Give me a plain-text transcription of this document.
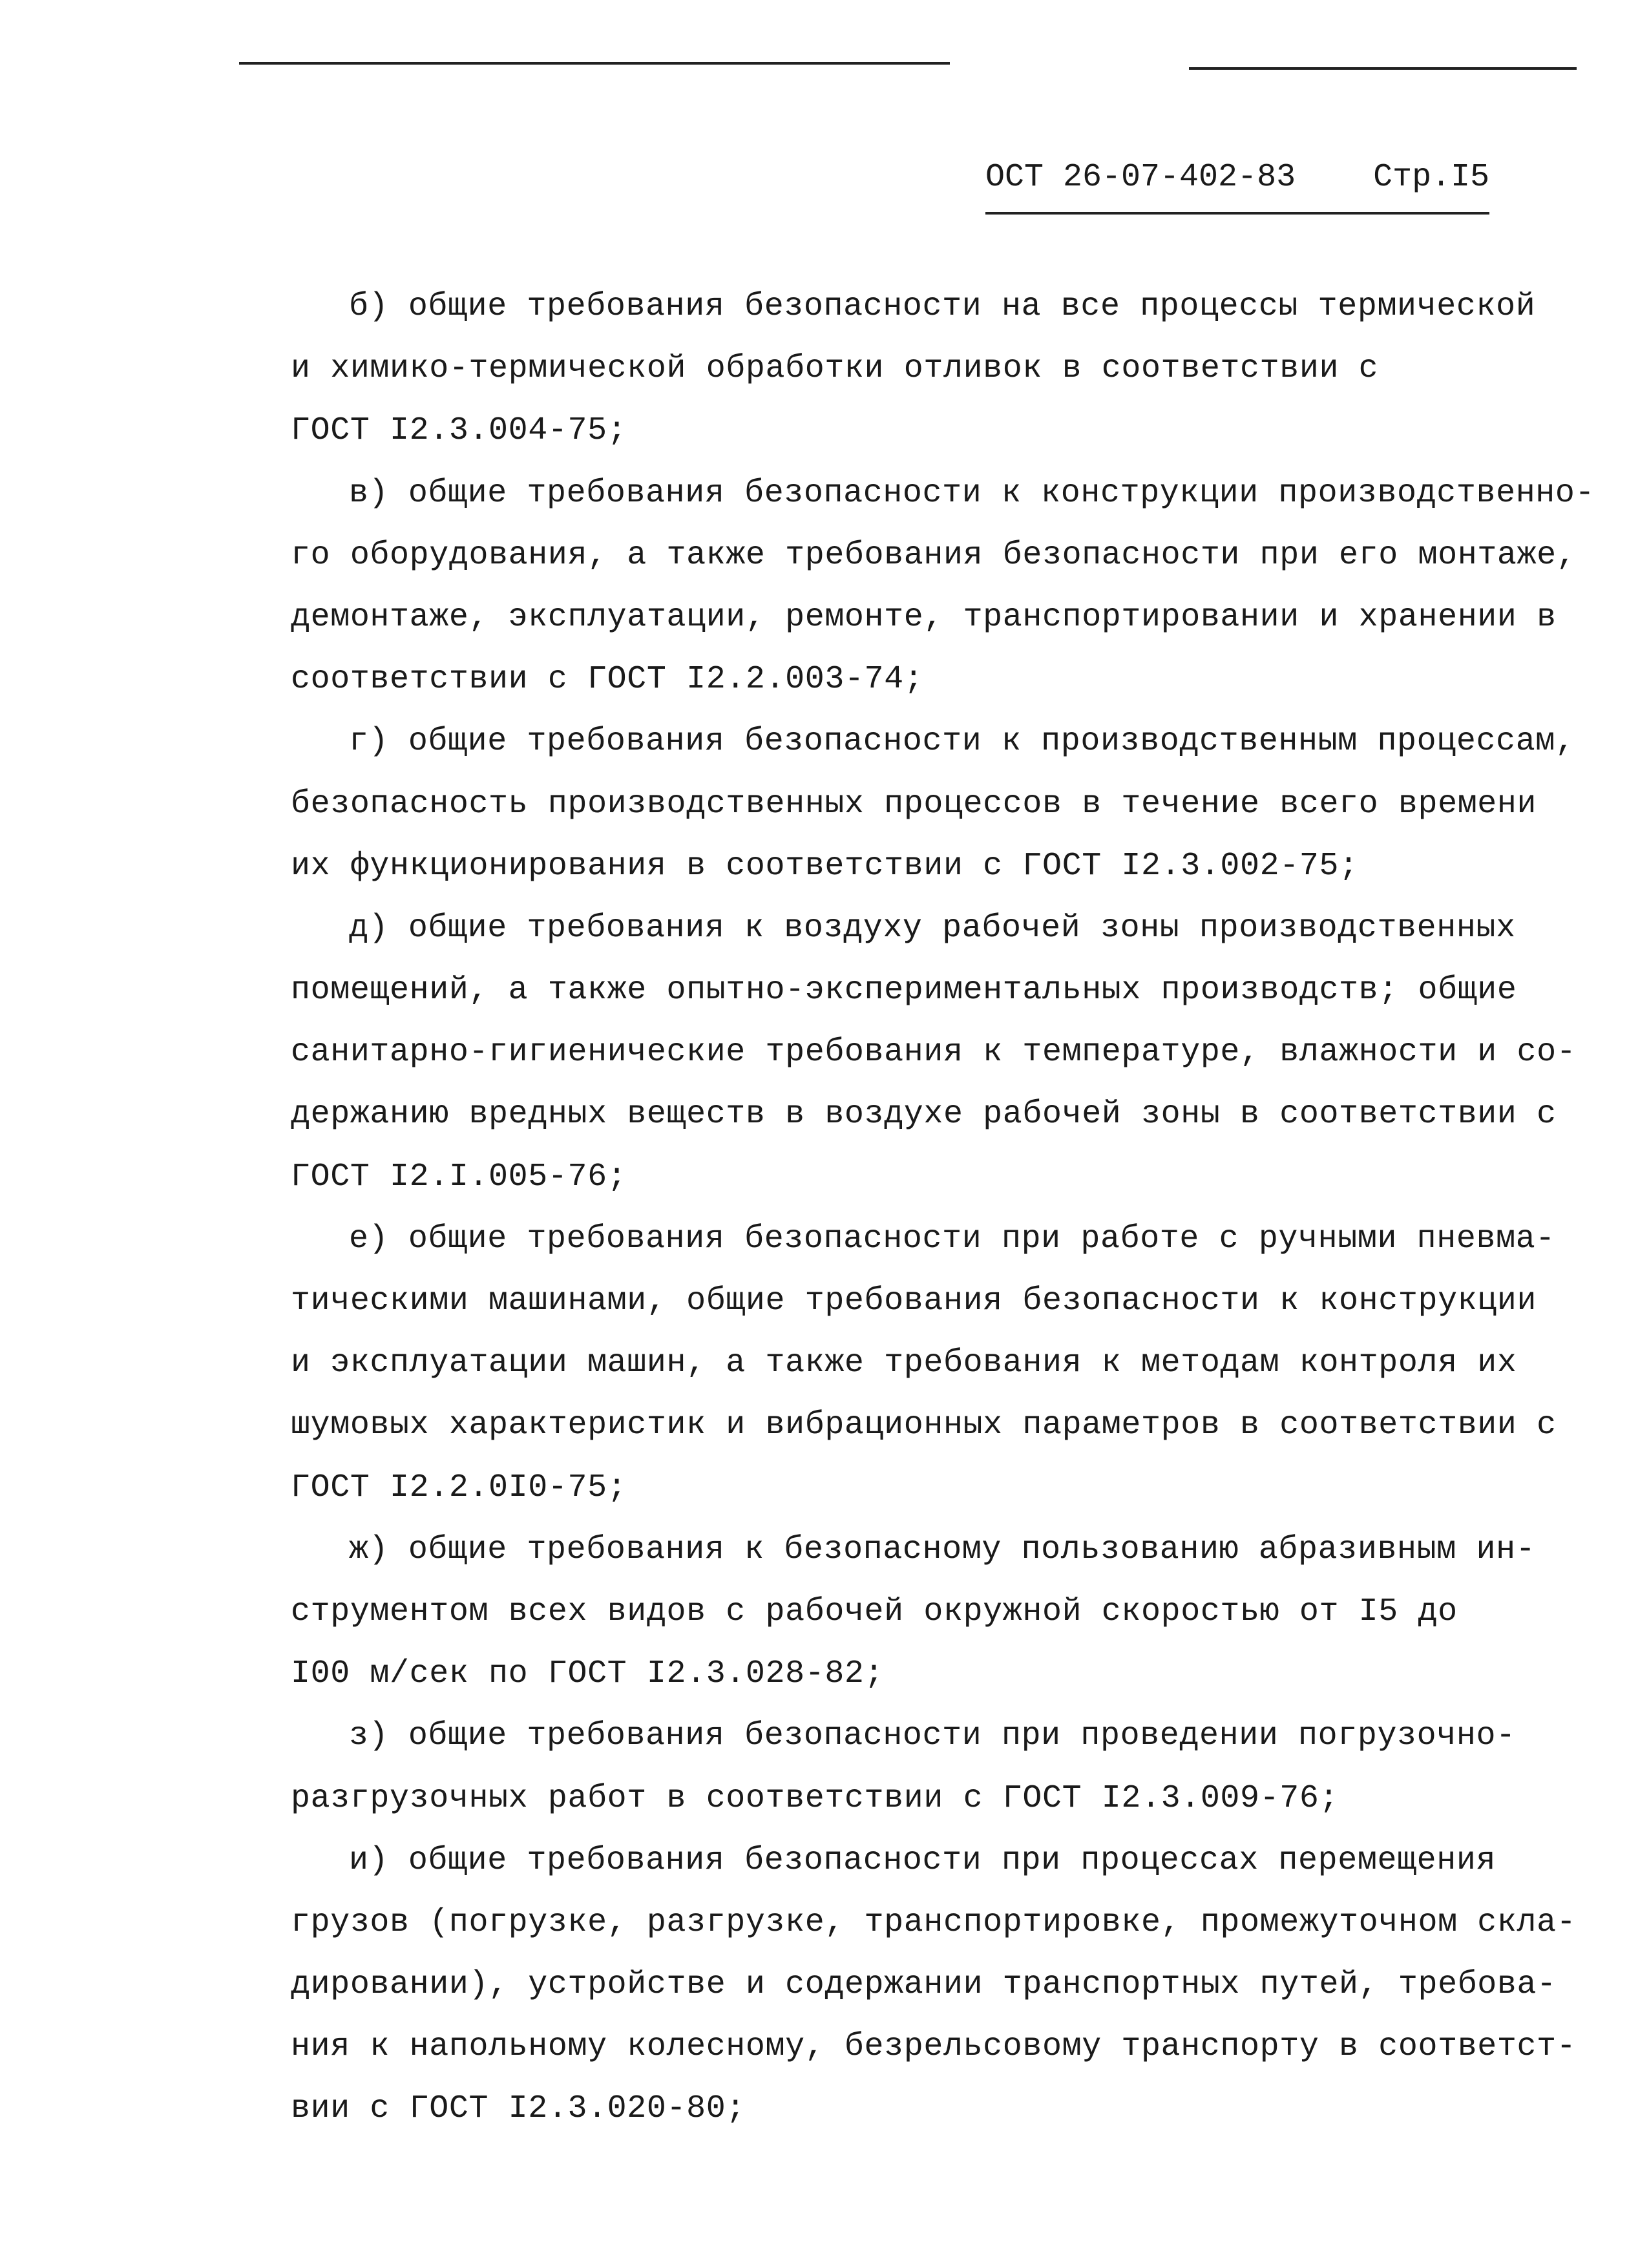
ОСТ 26-07-402-83 Стр.I5
б) общие требования безопасности на все процессы термической
и химико-термической обработки отливок в соответствии с
ГОСТ I2.3.004-75;
в) общие требования безопасности к конструкции производственно-
го оборудования, а также требования безопасности при его монтаже,
демонтаже, эксплуатации, ремонте, транспортировании и хранении в
соответствии с ГОСТ I2.2.003-74;
г) общие требования безопасности к производственным процессам,
безопасность производственных процессов в течение всего времени
их функционирования в соответствии с ГОСТ I2.3.002-75;
д) общие требования к воздуху рабочей зоны производственных
помещений, а также опытно-экспериментальных производств; общие
санитарно-гигиенические требования к температуре, влажности и со-
держанию вредных веществ в воздухе рабочей зоны в соответствии с
ГОСТ I2.I.005-76;
е) общие требования безопасности при работе с ручными пневма-
тическими машинами, общие требования безопасности к конструкции
и эксплуатации машин, а также требования к методам контроля их
шумовых характеристик и вибрационных параметров в соответствии с
ГОСТ I2.2.0I0-75;
ж) общие требования к безопасному пользованию абразивным ин-
струментом всех видов с рабочей окружной скоростью от I5 до
I00 м/сек по ГОСТ I2.3.028-82;
з) общие требования безопасности при проведении погрузочно-
разгрузочных работ в соответствии с ГОСТ I2.3.009-76;
и) общие требования безопасности при процессах перемещения
грузов (погрузке, разгрузке, транспортировке, промежуточном скла-
дировании), устройстве и содержании транспортных путей, требова-
ния к напольному колесному, безрельсовому транспорту в соответст-
вии с ГОСТ I2.3.020-80;
